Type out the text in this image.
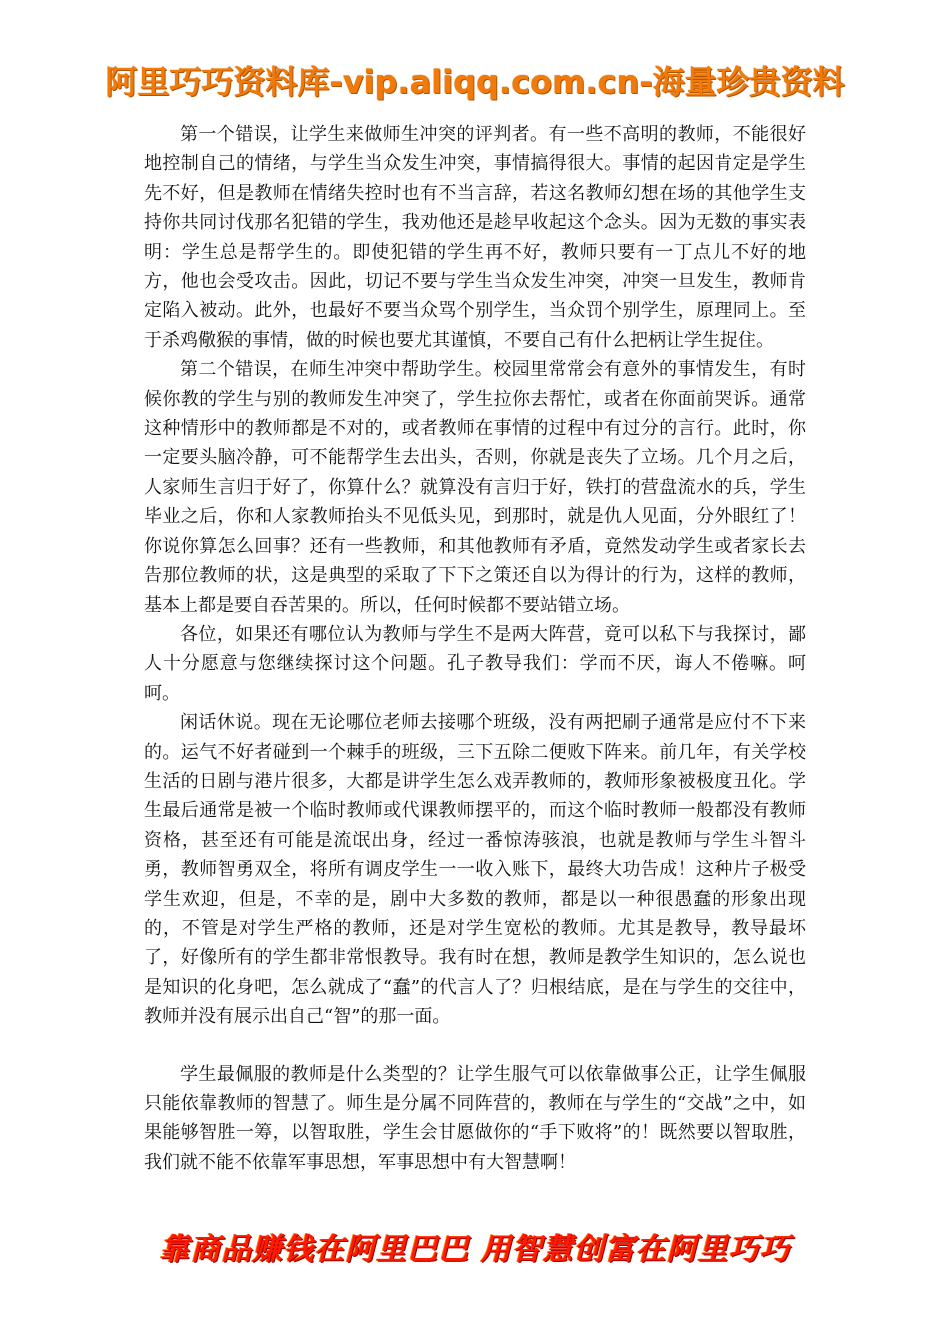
阿里巧巧资料库-vip.aliqq.com.cn-海量珍贵资料

第一个错误，让学生来做师生冲突的评判者。有一些不高明的教师，不能很好地控制自己的情绪，与学生当众发生冲突，事情搞得很大。事情的起因肯定是学生先不好，但是教师在情绪失控时也有不当言辞，若这名教师幻想在场的其他学生支持你共同讨伐那名犯错的学生，我劝他还是趁早收起这个念头。因为无数的事实表明：学生总是帮学生的。即使犯错的学生再不好，教师只要有一丁点儿不好的地方，他也会受攻击。因此，切记不要与学生当众发生冲突，冲突一旦发生，教师肯定陷入被动。此外，也最好不要当众骂个别学生，当众罚个别学生，原理同上。至于杀鸡儆猴的事情，做的时候也要尤其谨慎，不要自己有什么把柄让学生捉住。

第二个错误，在师生冲突中帮助学生。校园里常常会有意外的事情发生，有时候你教的学生与别的教师发生冲突了，学生拉你去帮忙，或者在你面前哭诉。通常这种情形中的教师都是不对的，或者教师在事情的过程中有过分的言行。此时，你一定要头脑冷静，可不能帮学生去出头，否则，你就是丧失了立场。几个月之后，人家师生言归于好了，你算什么？就算没有言归于好，铁打的营盘流水的兵，学生毕业之后，你和人家教师抬头不见低头见，到那时，就是仇人见面，分外眼红了！你说你算怎么回事？还有一些教师，和其他教师有矛盾，竟然发动学生或者家长去告那位教师的状，这是典型的采取了下下之策还自以为得计的行为，这样的教师，基本上都是要自吞苦果的。所以，任何时候都不要站错立场。

各位，如果还有哪位认为教师与学生不是两大阵营，竟可以私下与我探讨，鄙人十分愿意与您继续探讨这个问题。孔子教导我们：学而不厌，诲人不倦嘛。呵呵。

闲话休说。现在无论哪位老师去接哪个班级，没有两把刷子通常是应付不下来的。运气不好者碰到一个棘手的班级，三下五除二便败下阵来。前几年，有关学校生活的日剧与港片很多，大都是讲学生怎么戏弄教师的，教师形象被极度丑化。学生最后通常是被一个临时教师或代课教师摆平的，而这个临时教师一般都没有教师资格，甚至还有可能是流氓出身，经过一番惊涛骇浪，也就是教师与学生斗智斗勇，教师智勇双全，将所有调皮学生一一收入账下，最终大功告成！这种片子极受学生欢迎，但是，不幸的是，剧中大多数的教师，都是以一种很愚蠢的形象出现的，不管是对学生严格的教师，还是对学生宽松的教师。尤其是教导，教导最坏了，好像所有的学生都非常恨教导。我有时在想，教师是教学生知识的，怎么说也是知识的化身吧，怎么就成了“蠢”的代言人了？归根结底，是在与学生的交往中，教师并没有展示出自己“智”的那一面。

学生最佩服的教师是什么类型的？让学生服气可以依靠做事公正，让学生佩服只能依靠教师的智慧了。师生是分属不同阵营的，教师在与学生的“交战”之中，如果能够智胜一筹，以智取胜，学生会甘愿做你的“手下败将”的！既然要以智取胜，我们就不能不依靠军事思想，军事思想中有大智慧啊！

靠商品赚钱在阿里巴巴 用智慧创富在阿里巧巧
